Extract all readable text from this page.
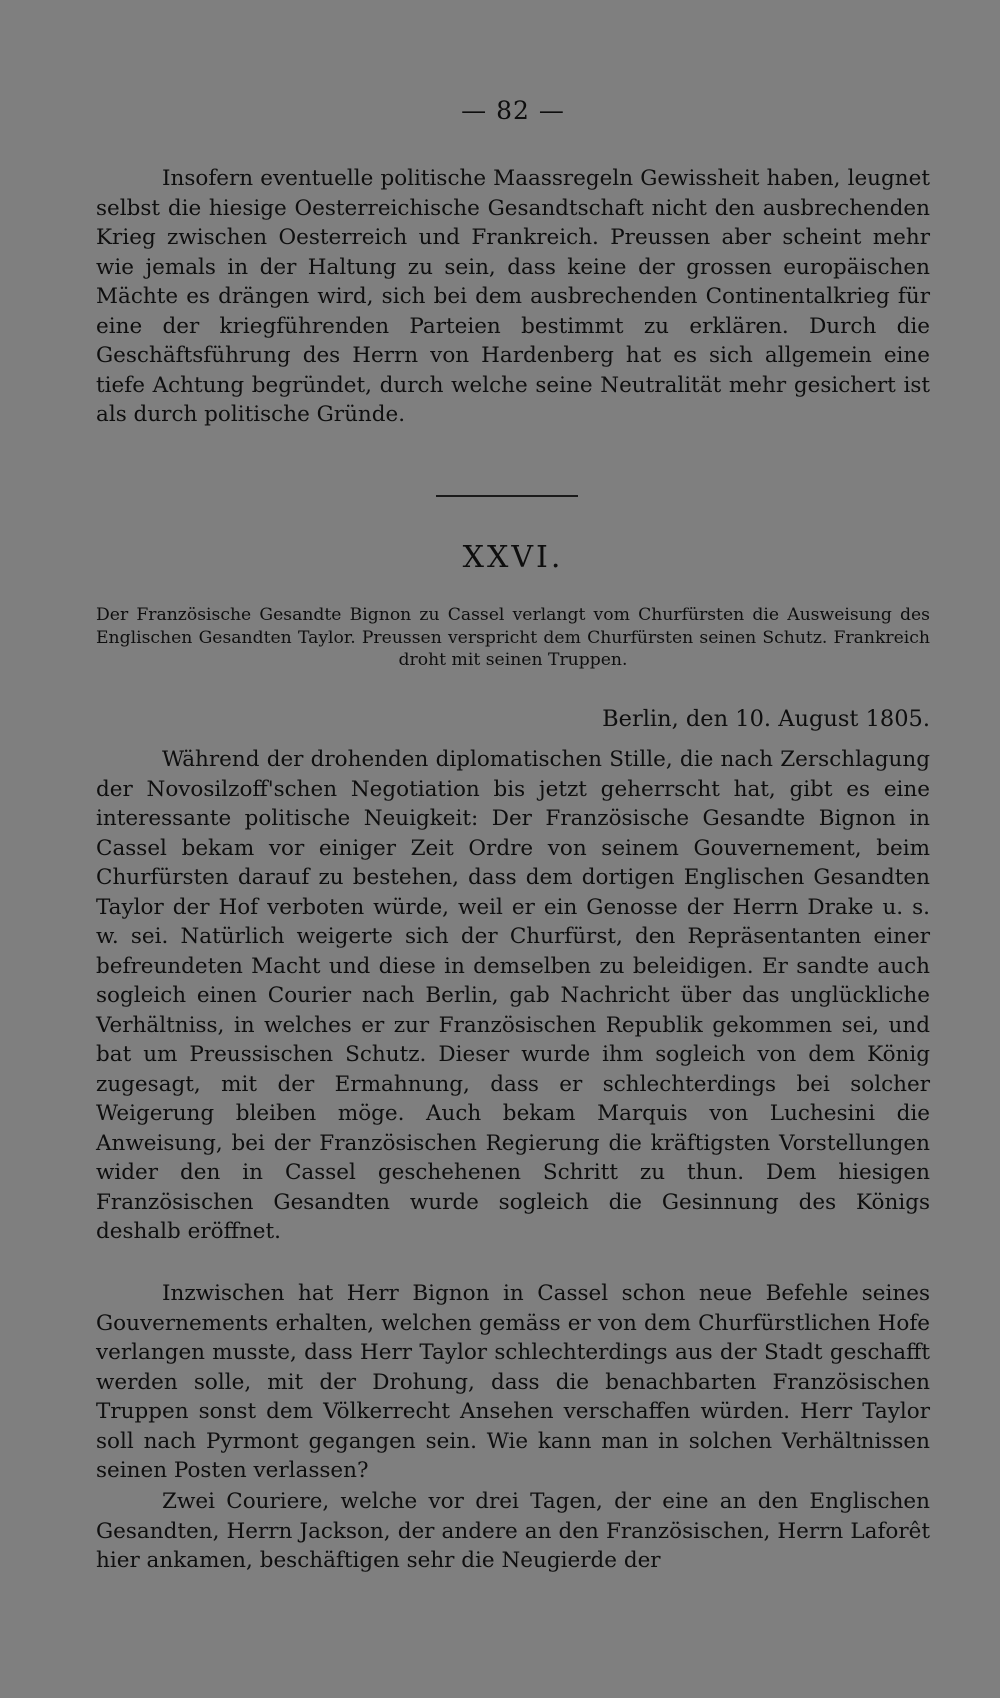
— 82 —
Insofern eventuelle politische Maassregeln Gewissheit haben, leugnet selbst die hiesige Oesterreichische Gesandtschaft nicht den ausbrechenden Krieg zwischen Oesterreich und Frankreich. Preussen aber scheint mehr wie jemals in der Haltung zu sein, dass keine der grossen europäischen Mächte es drängen wird, sich bei dem ausbrechenden Continentalkrieg für eine der kriegführenden Parteien bestimmt zu erklären. Durch die Geschäftsführung des Herrn von Hardenberg hat es sich allgemein eine tiefe Achtung begründet, durch welche seine Neutralität mehr gesichert ist als durch politische Gründe.
XXVI.
Der Französische Gesandte Bignon zu Cassel verlangt vom Churfürsten die Ausweisung des Englischen Gesandten Taylor. Preussen verspricht dem Churfürsten seinen Schutz. Frankreich droht mit seinen Truppen.
Berlin, den 10. August 1805.

Während der drohenden diplomatischen Stille, die nach Zerschlagung der Novosilzoff'schen Negotiation bis jetzt geherrscht hat, gibt es eine interessante politische Neuigkeit: Der Französische Gesandte Bignon in Cassel bekam vor einiger Zeit Ordre von seinem Gouvernement, beim Churfürsten darauf zu bestehen, dass dem dortigen Englischen Gesandten Taylor der Hof verboten würde, weil er ein Genosse der Herrn Drake u. s. w. sei. Natürlich weigerte sich der Churfürst, den Repräsentanten einer befreundeten Macht und diese in demselben zu beleidigen. Er sandte auch sogleich einen Courier nach Berlin, gab Nachricht über das unglückliche Verhältniss, in welches er zur Französischen Republik gekommen sei, und bat um Preussischen Schutz. Dieser wurde ihm sogleich von dem König zugesagt, mit der Ermahnung, dass er schlechterdings bei solcher Weigerung bleiben möge. Auch bekam Marquis von Luchesini die Anweisung, bei der Französischen Regierung die kräftigsten Vorstellungen wider den in Cassel geschehenen Schritt zu thun. Dem hiesigen Französischen Gesandten wurde sogleich die Gesinnung des Königs deshalb eröffnet.

Inzwischen hat Herr Bignon in Cassel schon neue Befehle seines Gouvernements erhalten, welchen gemäss er von dem Churfürstlichen Hofe verlangen musste, dass Herr Taylor schlechterdings aus der Stadt geschafft werden solle, mit der Drohung, dass die benachbarten Französischen Truppen sonst dem Völkerrecht Ansehen verschaffen würden. Herr Taylor soll nach Pyrmont gegangen sein. Wie kann man in solchen Verhältnissen seinen Posten verlassen?

Zwei Couriere, welche vor drei Tagen, der eine an den Englischen Gesandten, Herrn Jackson, der andere an den Französischen, Herrn Laforêt hier ankamen, beschäftigen sehr die Neugierde der
